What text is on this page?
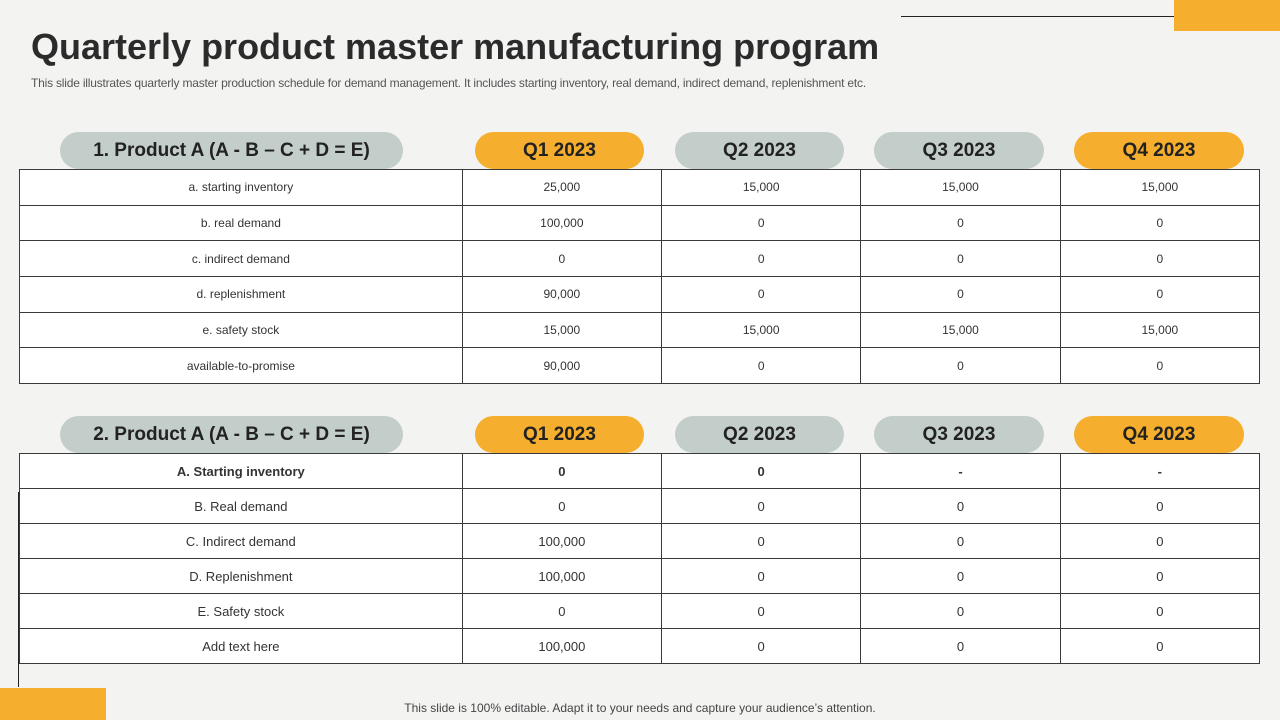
Quarterly product master manufacturing program

This slide illustrates quarterly master production schedule for demand management. It includes starting inventory, real demand, indirect demand, replenishment etc.

1. Product A (A - B – C + D = E)	Q1 2023	Q2 2023	Q3 2023	Q4 2023
a. starting inventory	25,000	15,000	15,000	15,000
b. real demand	100,000	0	0	0
c. indirect demand	0	0	0	0
d. replenishment	90,000	0	0	0
e. safety stock	15,000	15,000	15,000	15,000
available-to-promise	90,000	0	0	0
2. Product A (A - B – C + D = E)	Q1 2023	Q2 2023	Q3 2023	Q4 2023
A. Starting inventory	0	0	-	-
B. Real demand	0	0	0	0
C. Indirect demand	100,000	0	0	0
D. Replenishment	100,000	0	0	0
E. Safety stock	0	0	0	0
Add text here	100,000	0	0	0
This slide is 100% editable. Adapt it to your needs and capture your audience’s attention.
